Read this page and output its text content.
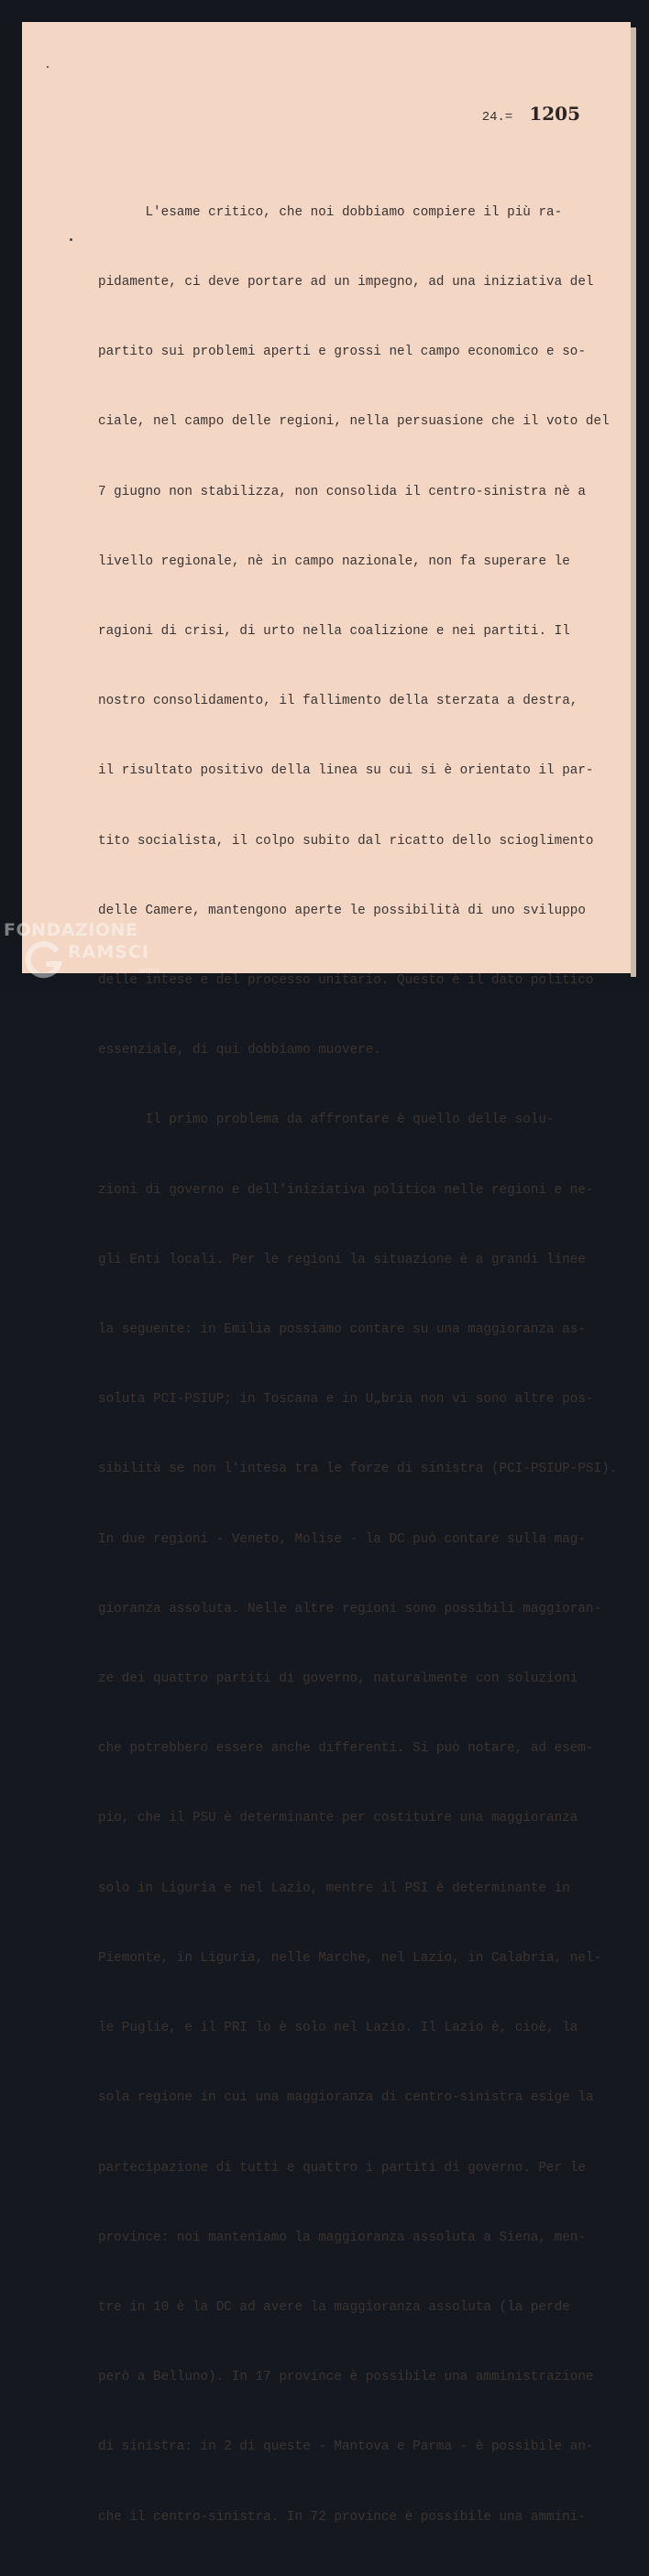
24.= 1205

L'esame critico, che noi dobbiamo compiere il più ra-

pidamente, ci deve portare ad un impegno, ad una iniziativa del

partito sui problemi aperti e grossi nel campo economico e so-

ciale, nel campo delle regioni, nella persuasione che il voto del

7 giugno non stabilizza, non consolida il centro-sinistra nè a

livello regionale, nè in campo nazionale, non fa superare le

ragioni di crisi, di urto nella coalizione e nei partiti. Il

nostro consolidamento, il fallimento della sterzata a destra,

il risultato positivo della linea su cui si è orientato il par-

tito socialista, il colpo subito dal ricatto dello scioglimento

delle Camere, mantengono aperte le possibilità di uno sviluppo

delle intese e del processo unitario. Questo è il dato politico

essenziale, di qui dobbiamo muovere.

Il primo problema da affrontare è quello delle solu-

zioni di governo e dell'iniziativa politica nelle regioni e ne-

gli Enti locali. Per le regioni la situazione è a grandi linee

la seguente: in Emilia possiamo contare su una maggioranza as-

soluta PCI-PSIUP; in Toscana e in U„bria non vi sono altre pos-

sibilità se non l'intesa tra le forze di sinistra (PCI-PSIUP-PSI).

In due regioni - Veneto, Molise - la DC può contare sulla mag-

gioranza assoluta. Nelle altre regioni sono possibili maggioran-

ze dei quattro partiti di governo, naturalmente con soluzioni

che potrebbero essere anche differenti. Si può notare, ad esem-

pio, che il PSU è determinante per costituire una maggioranza

solo in Liguria e nel Lazio, mentre il PSI è determinante in

Piemonte, in Liguria, nelle Marche, nel Lazio, in Calabria, nel-

le Puglie, e il PRI lo è solo nel Lazio. Il Lazio è, cioè, la

sola regione in cui una maggioranza di centro-sinistra esige la

partecipazione di tutti e quattro i partiti di governo. Per le

province: noi manteniamo la maggioranza assoluta a Siena, men-

tre in 10 è la DC ad avere la maggioranza assoluta (la perde

però a Belluno). In 17 province è possibile una amministrazione

di sinistra: in 2 di queste - Mantova e Parma - è possibile an-

che il centro-sinistra. In 72 province è possibile una ammini-

FONDAZIONE
RAMSCI
onlus
